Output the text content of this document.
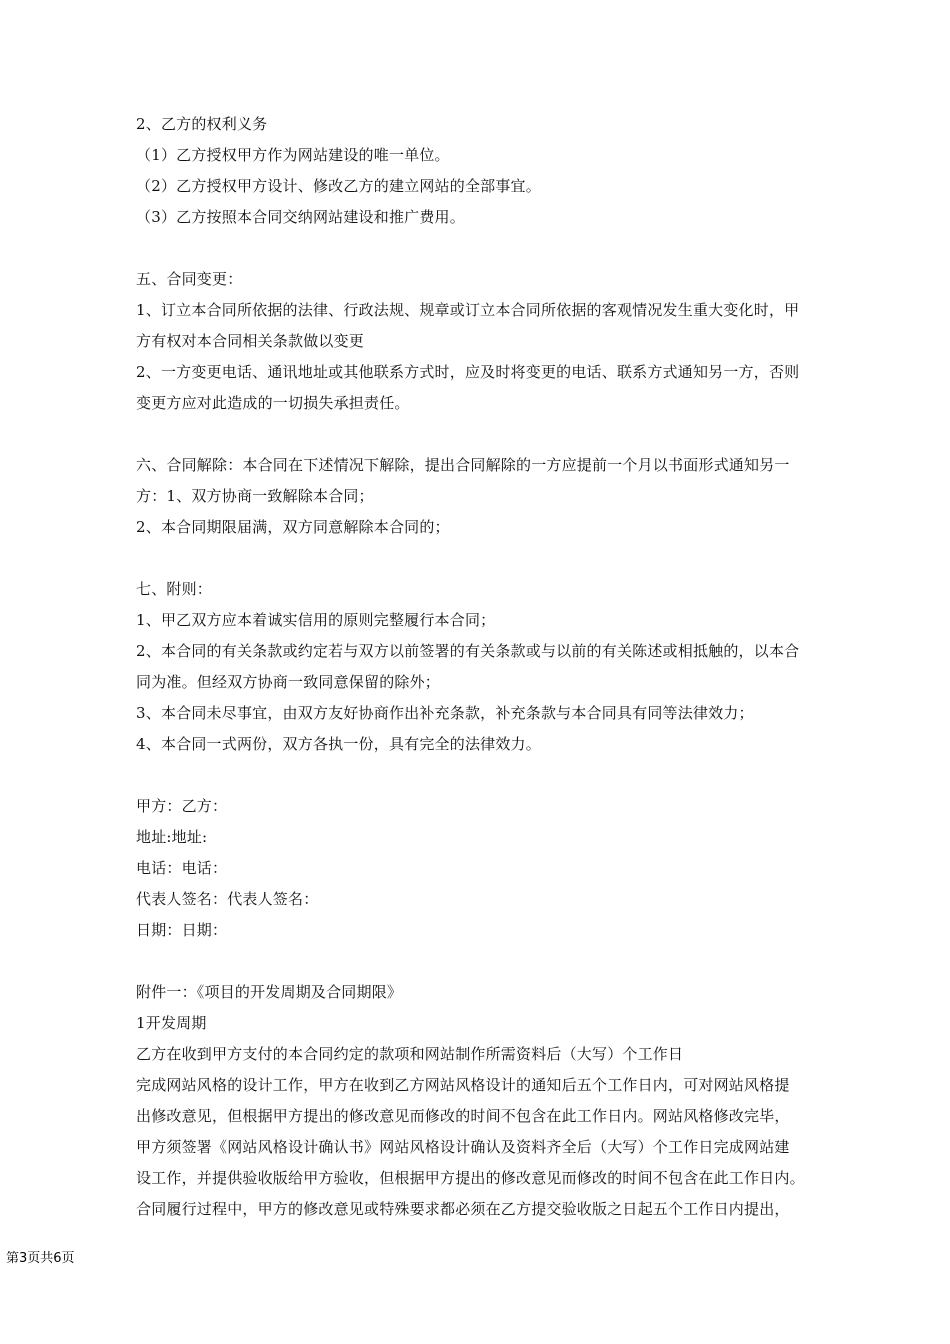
2、乙方的权利义务
（1）乙方授权甲方作为网站建设的唯一单位。
（2）乙方授权甲方设计、修改乙方的建立网站的全部事宜。
（3）乙方按照本合同交纳网站建设和推广费用。
五、合同变更：
1、订立本合同所依据的法律、行政法规、规章或订立本合同所依据的客观情况发生重大变化时，甲
方有权对本合同相关条款做以变更
2、一方变更电话、通讯地址或其他联系方式时，应及时将变更的电话、联系方式通知另一方，否则
变更方应对此造成的一切损失承担责任。
六、合同解除：本合同在下述情况下解除，提出合同解除的一方应提前一个月以书面形式通知另一
方：1、双方协商一致解除本合同；
2、本合同期限届满，双方同意解除本合同的；
七、附则：
1、甲乙双方应本着诚实信用的原则完整履行本合同；
2、本合同的有关条款或约定若与双方以前签署的有关条款或与以前的有关陈述或相抵触的，以本合
同为准。但经双方协商一致同意保留的除外；
3、本合同未尽事宜，由双方友好协商作出补充条款，补充条款与本合同具有同等法律效力；
4、本合同一式两份，双方各执一份，具有完全的法律效力。
甲方：乙方：
地址:地址:
电话：电话：
代表人签名：代表人签名：
日期：日期：
附件一：《项目的开发周期及合同期限》
1开发周期
乙方在收到甲方支付的本合同约定的款项和网站制作所需资料后（大写）个工作日
完成网站风格的设计工作，甲方在收到乙方网站风格设计的通知后五个工作日内，可对网站风格提
出修改意见，但根据甲方提出的修改意见而修改的时间不包含在此工作日内。网站风格修改完毕，
甲方须签署《网站风格设计确认书》网站风格设计确认及资料齐全后（大写）个工作日完成网站建
设工作，并提供验收版给甲方验收，但根据甲方提出的修改意见而修改的时间不包含在此工作日内。
合同履行过程中，甲方的修改意见或特殊要求都必须在乙方提交验收版之日起五个工作日内提出，
第3页共6页
